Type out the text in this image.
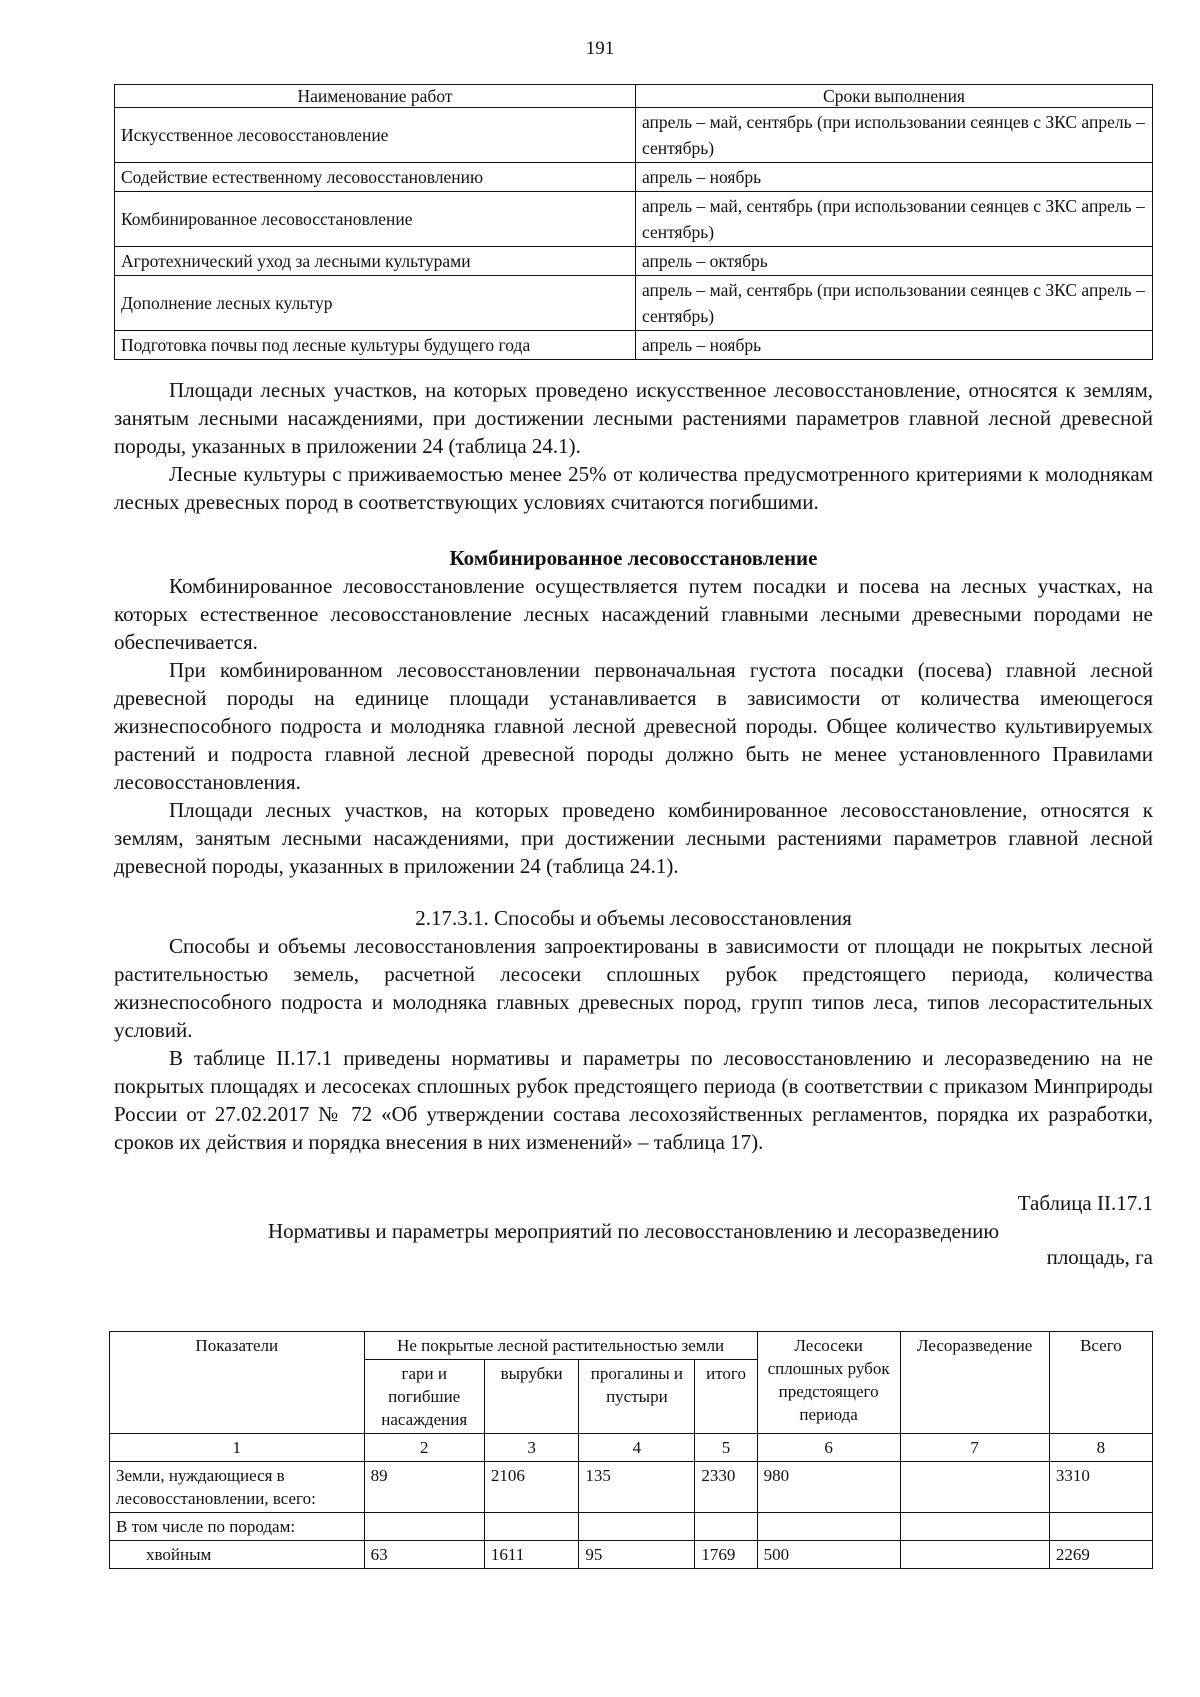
191
Наименование работ	Сроки выполнения
Искусственное лесовосстановление	апрель – май, сентябрь (при использовании сеянцев с ЗКС апрель – сентябрь)
Содействие естественному лесовосстановлению	апрель – ноябрь
Комбинированное лесовосстановление	апрель – май, сентябрь (при использовании сеянцев с ЗКС апрель – сентябрь)
Агротехнический уход за лесными культурами	апрель – октябрь
Дополнение лесных культур	апрель – май, сентябрь (при использовании сеянцев с ЗКС апрель – сентябрь)
Подготовка почвы под лесные культуры будущего года	апрель – ноябрь

Площади лесных участков, на которых проведено искусственное лесовосстановление, относятся к землям, занятым лесными насаждениями, при достижении лесными растениями параметров главной лесной древесной породы, указанных в приложении 24 (таблица 24.1).

Лесные культуры с приживаемостью менее 25% от количества предусмотренного критериями к молоднякам лесных древесных пород в соответствующих условиях считаются погибшими.

Комбинированное лесовосстановление

Комбинированное лесовосстановление осуществляется путем посадки и посева на лесных участках, на которых естественное лесовосстановление лесных насаждений главными лесными древесными породами не обеспечивается.

При комбинированном лесовосстановлении первоначальная густота посадки (посева) главной лесной древесной породы на единице площади устанавливается в зависимости от количества имеющегося жизнеспособного подроста и молодняка главной лесной древесной породы. Общее количество культивируемых растений и подроста главной лесной древесной породы должно быть не менее установленного Правилами лесовосстановления.

Площади лесных участков, на которых проведено комбинированное лесовосстановление, относятся к землям, занятым лесными насаждениями, при достижении лесными растениями параметров главной лесной древесной породы, указанных в приложении 24 (таблица 24.1).

2.17.3.1. Способы и объемы лесовосстановления

Способы и объемы лесовосстановления запроектированы в зависимости от площади не покрытых лесной растительностью земель, расчетной лесосеки сплошных рубок предстоящего периода, количества жизнеспособного подроста и молодняка главных древесных пород, групп типов леса, типов лесорастительных условий.

В таблице II.17.1 приведены нормативы и параметры по лесовосстановлению и лесоразведению на не покрытых площадях и лесосеках сплошных рубок предстоящего периода (в соответствии с приказом Минприроды России от 27.02.2017 № 72 «Об утверждении состава лесохозяйственных регламентов, порядка их разработки, сроков их действия и порядка внесения в них изменений» – таблица 17).

Таблица II.17.1

Нормативы и параметры мероприятий по лесовосстановлению и лесоразведению

площадь, га

Показатели	Не покрытые лесной растительностью земли				Лесосеки сплошных рубок предстоящего периода	Лесоразведение	Всего
	гари и погибшие насаждения	вырубки	прогалины и пустыри	итого			
1	2	3	4	5	6	7	8
Земли, нуждающиеся в лесовосстановлении, всего:	89	2106	135	2330	980		3310
В том числе по породам:							
хвойным	63	1611	95	1769	500		2269
